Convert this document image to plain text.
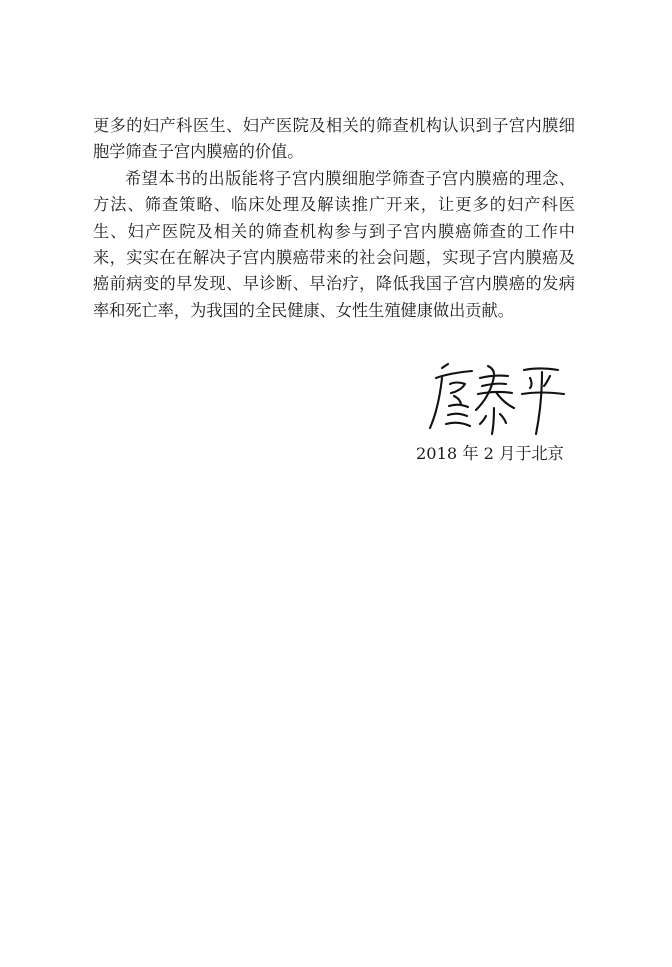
更多的妇产科医生、妇产医院及相关的筛查机构认识到子宫内膜细
胞学筛查子宫内膜癌的价值。
希望本书的出版能将子宫内膜细胞学筛查子宫内膜癌的理念、
方法、筛查策略、临床处理及解读推广开来，让更多的妇产科医
生、妇产医院及相关的筛查机构参与到子宫内膜癌筛查的工作中
来，实实在在解决子宫内膜癌带来的社会问题，实现子宫内膜癌及
癌前病变的早发现、早诊断、早治疗，降低我国子宫内膜癌的发病
率和死亡率，为我国的全民健康、女性生殖健康做出贡献。
2018 年 2 月于北京
